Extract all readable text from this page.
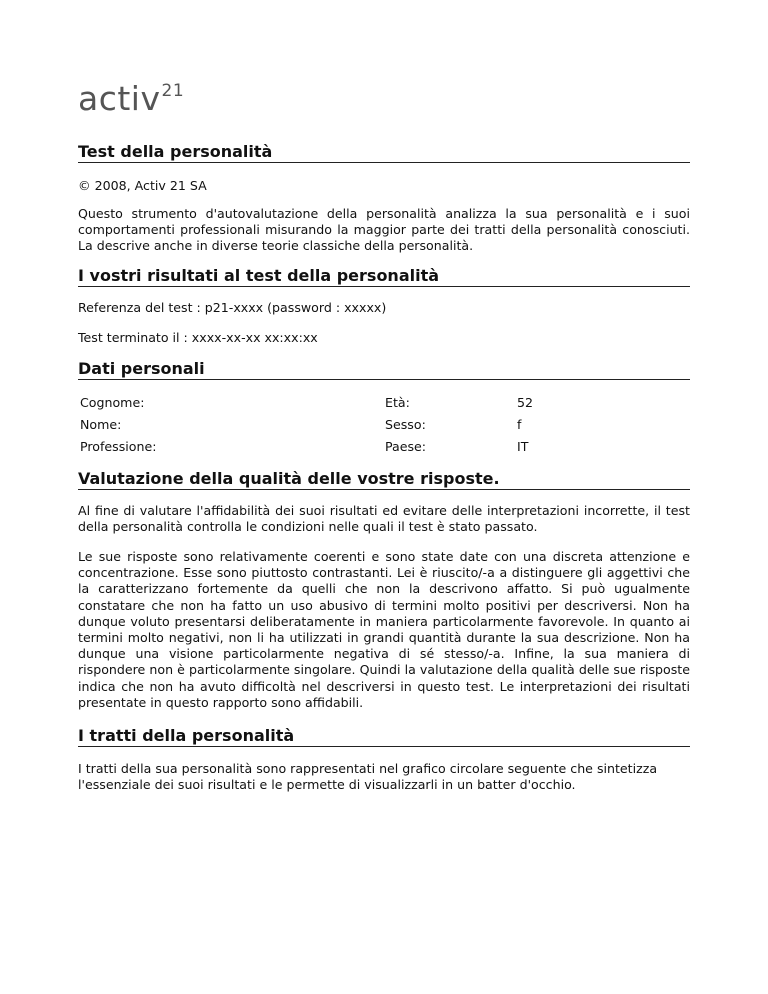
activ$^{21}$
Test della personalità

© 2008, Activ 21 SA

Questo strumento d'autovalutazione della personalità analizza la sua personalità e i suoi comportamenti professionali misurando la maggior parte dei tratti della personalità conosciuti. La descrive anche in diverse teorie classiche della personalità.

I vostri risultati al test della personalità

Referenza del test : p21-xxxx (password : xxxxx)

Test terminato il : xxxx-xx-xx xx:xx:xx

Dati personali
Cognome:	Età:	52
Nome:	Sesso:	f
Professione:	Paese:	IT
Valutazione della qualità delle vostre risposte.

Al fine di valutare l'affidabilità dei suoi risultati ed evitare delle interpretazioni incorrette, il test della personalità controlla le condizioni nelle quali il test è stato passato.

Le sue risposte sono relativamente coerenti e sono state date con una discreta attenzione e concentrazione. Esse sono piuttosto contrastanti. Lei è riuscito/-a a distinguere gli aggettivi che la caratterizzano fortemente da quelli che non la descrivono affatto. Si può ugualmente constatare che non ha fatto un uso abusivo di termini molto positivi per descriversi. Non ha dunque voluto presentarsi deliberatamente in maniera particolarmente favorevole. In quanto ai termini molto negativi, non li ha utilizzati in grandi quantità durante la sua descrizione. Non ha dunque una visione particolarmente negativa di sé stesso/-a. Infine, la sua maniera di rispondere non è particolarmente singolare. Quindi la valutazione della qualità delle sue risposte indica che non ha avuto difficoltà nel descriversi in questo test. Le interpretazioni dei risultati presentate in questo rapporto sono affidabili.

I tratti della personalità

I tratti della sua personalità sono rappresentati nel grafico circolare seguente che sintetizza l'essenziale dei suoi risultati e le permette di visualizzarli in un batter d'occhio.
